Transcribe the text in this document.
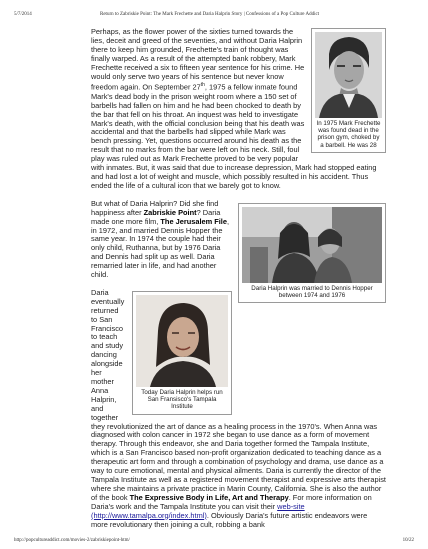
5/7/2014	Return to Zabriskie Point: The Mark Frechette and Daria Halprin Story | Confessions of a Pop Culture Addict
In 1975 Mark Frechette was found dead in the prison gym, choked by a barbell. He was 28

Perhaps, as the flower power of the sixties turned towards the lies, deceit and greed of the seventies, and without Daria Halprin there to keep him grounded, Frechette's train of thought was finally warped. As a result of the attempted bank robbery, Mark Frechette received a six to fifteen year sentence for his crime. He would only serve two years of his sentence but never know freedom again. On September 27th, 1975 a fellow inmate found Mark's dead body in the prison weight room where a 150 set of barbells had fallen on him and he had been chocked to death by the bar that fell on his throat. An inquest was held to investigate Mark's death, with the official conclusion being that his death was accidental and that the barbells had slipped while Mark was bench pressing. Yet, questions occurred around his death as the result that no marks from the bar were left on his neck. Still, foul play was ruled out as Mark Frechette proved to be very popular with inmates. But, it was said that due to increase depression, Mark had stopped eating and had lost a lot of weight and muscle, which possibly resulted in his accident. Thus ended the life of a cultural icon that we barely got to know.

Daria Halprin was married to Dennis Hopper between 1974 and 1976

But what of Daria Halprin? Did she find happiness after Zabriskie Point? Daria made one more film, The Jerusalem File, in 1972, and married Dennis Hopper the same year. In 1974 the couple had their only child, Ruthanna, but by 1976 Daria and Dennis had split up as well. Daria remarried later in life, and had another child.

Today Daria Halprin helps run San Fransisco's Tampala Institute

Daria eventually returned to San Francisco to teach and study dancing alongside her mother Anna Halprin, and together they revolutionized the art of dance as a healing process in the 1970's. When Anna was diagnosed with colon cancer in 1972 she began to use dance as a form of movement therapy. Through this endeavor, she and Daria together formed the Tampala Institute, which is a San Francisco based non-profit organization dedicated to teaching dance as a therapeutic art form and through a combination of psychology and drama, use dance as a way to cure emotional, mental and physical ailments. Daria is currently the director of the Tampala Institute as well as a registered movement therapist and expressive arts therapist where she maintains a private practice in Marin County, California. She is also the author of the book The Expressive Body in Life, Art and Therapy. For more information on Daria's work and the Tampala Institute you can visit their web-site (http://www.tamalpa.org/index.html). Obviously Daria's future artistic endeavors were more revolutionary then joining a cult, robbing a bank

http://popcultureaddict.com/movies-2/zabriskiepoint-htm/	10/22
